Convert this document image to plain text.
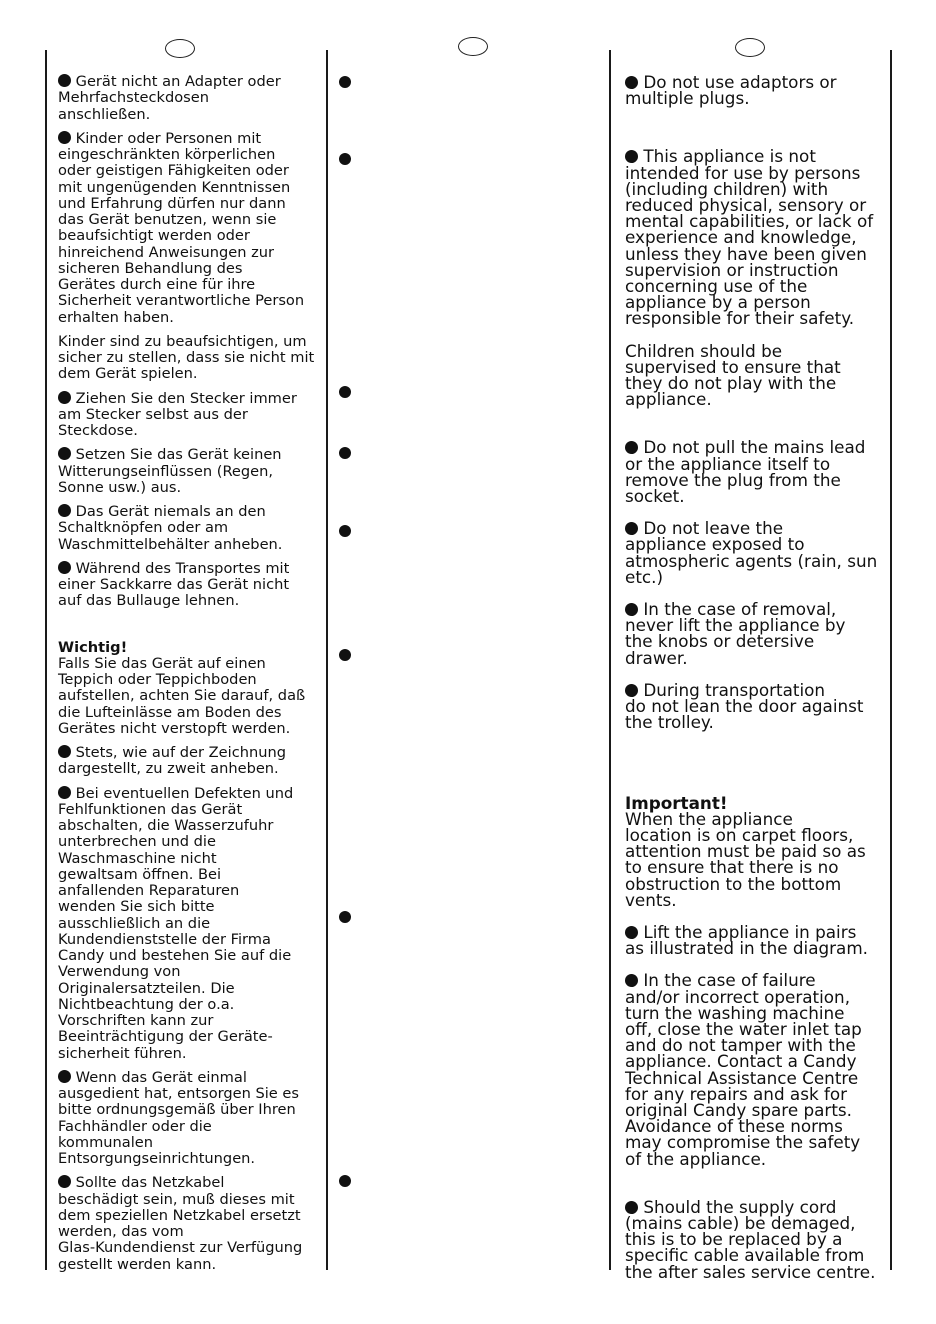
Gerät nicht an Adapter oder
Mehrfachsteckdosen
anschließen.

Kinder oder Personen mit
eingeschränkten körperlichen
oder geistigen Fähigkeiten oder
mit ungenügenden Kenntnissen
und Erfahrung dürfen nur dann
das Gerät benutzen, wenn sie
beaufsichtigt werden oder
hinreichend Anweisungen zur
sicheren Behandlung des
Gerätes durch eine für ihre
Sicherheit verantwortliche Person
erhalten haben.

Kinder sind zu beaufsichtigen, um
sicher zu stellen, dass sie nicht mit
dem Gerät spielen.

Ziehen Sie den Stecker immer
am Stecker selbst aus der
Steckdose.

Setzen Sie das Gerät keinen
Witterungseinflüssen (Regen,
Sonne usw.) aus.

Das Gerät niemals an den
Schaltknöpfen oder am
Waschmittelbehälter anheben.

Während des Transportes mit
einer Sackkarre das Gerät nicht
auf das Bullauge lehnen.

Wichtig!

Falls Sie das Gerät auf einen
Teppich oder Teppichboden
aufstellen, achten Sie darauf, daß
die Lufteinlässe am Boden des
Gerätes nicht verstopft werden.

Stets, wie auf der Zeichnung
dargestellt, zu zweit anheben.

Bei eventuellen Defekten und
Fehlfunktionen das Gerät
abschalten, die Wasserzufuhr
unterbrechen und die
Waschmaschine nicht
gewaltsam öffnen. Bei
anfallenden Reparaturen
wenden Sie sich bitte
ausschließlich an die
Kundendienststelle der Firma
Candy und bestehen Sie auf die
Verwendung von
Originalersatzteilen. Die
Nichtbeachtung der o.a.
Vorschriften kann zur
Beeinträchtigung der Geräte-
sicherheit führen.

Wenn das Gerät einmal
ausgedient hat, entsorgen Sie es
bitte ordnungsgemäß über Ihren
Fachhändler oder die
kommunalen
Entsorgungseinrichtungen.

Sollte das Netzkabel
beschädigt sein, muß dieses mit
dem speziellen Netzkabel ersetzt
werden, das vom
Glas-Kundendienst zur Verfügung
gestellt werden kann.

Do not use adaptors or
multiple plugs.

This appliance is not
intended for use by persons
(including children) with
reduced physical, sensory or
mental capabilities, or lack of
experience and knowledge,
unless they have been given
supervision or instruction
concerning use of the
appliance by a person
responsible for their safety.

Children should be
supervised to ensure that
they do not play with the
appliance.

Do not pull the mains lead
or the appliance itself to
remove the plug from the
socket.

Do not leave the
appliance exposed to
atmospheric agents (rain, sun
etc.)

In the case of removal,
never lift the appliance by
the knobs or detersive
drawer.

During transportation
do not lean the door against
the trolley.

Important!

When the appliance
location is on carpet floors,
attention must be paid so as
to ensure that there is no
obstruction to the bottom
vents.

Lift the appliance in pairs
as illustrated in the diagram.

In the case of failure
and/or incorrect operation,
turn the washing machine
off, close the water inlet tap
and do not tamper with the
appliance. Contact a Candy
Technical Assistance Centre
for any repairs and ask for
original Candy spare parts.
Avoidance of these norms
may compromise the safety
of the appliance.

Should the supply cord
(mains cable) be demaged,
this is to be replaced by a
specific cable available from
the after sales service centre.
